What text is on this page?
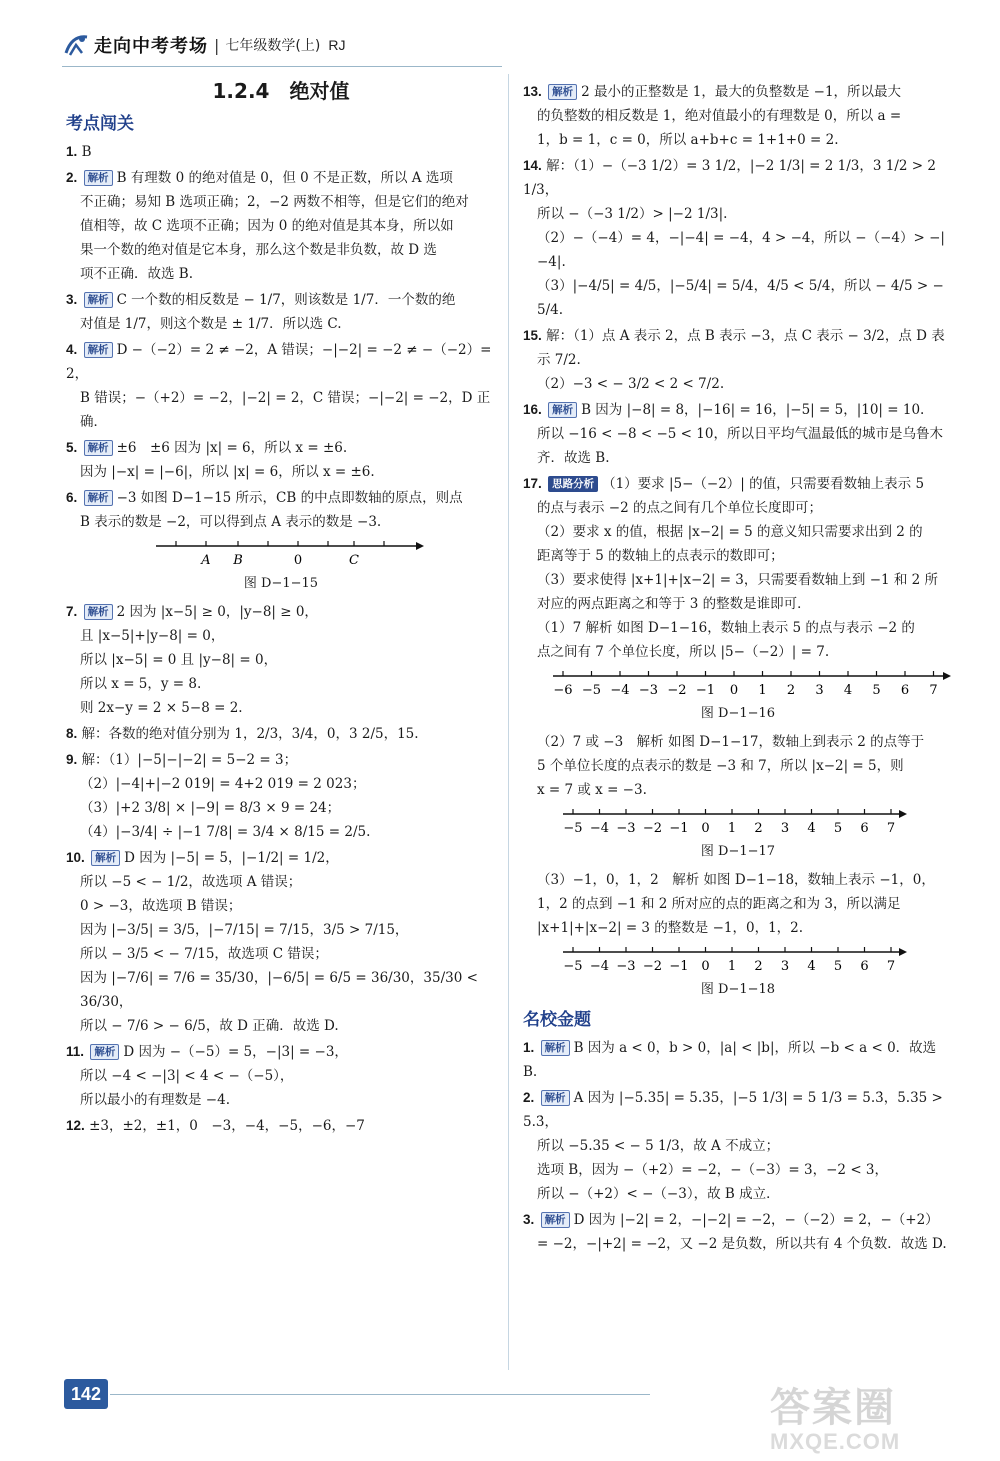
走向中考考场 | 七年级数学(上) RJ
1.2.4　绝对值
考点闯关
1. B
2. 解析 B 有理数 0 的绝对值是 0，但 0 不是正数，所以 A 选项
不正确；易知 B 选项正确；2，−2 两数不相等，但是它们的绝对
值相等，故 C 选项不正确；因为 0 的绝对值是其本身，所以如
果一个数的绝对值是它本身，那么这个数是非负数，故 D 选
项不正确．故选 B.
3. 解析 C 一个数的相反数是 − 1/7，则该数是 1/7．一个数的绝
对值是 1/7，则这个数是 ± 1/7．所以选 C.
4. 解析 D −（−2）= 2 ≠ −2，A 错误；−|−2| = −2 ≠ −（−2）= 2，
B 错误；−（+2）= −2，|−2| = 2，C 错误；−|−2| = −2，D 正确．
5. 解析 ±6　±6 因为 |x| = 6，所以 x = ±6.
因为 |−x| = |−6|，所以 |x| = 6，所以 x = ±6.
6. 解析 −3 如图 D−1−15 所示，CB 的中点即数轴的原点，则点
B 表示的数是 −2，可以得到点 A 表示的数是 −3.
A B	0	C
图 D−1−15
7. 解析 2 因为 |x−5| ≥ 0，|y−8| ≥ 0，
且 |x−5|+|y−8| = 0，
所以 |x−5| = 0 且 |y−8| = 0，
所以 x = 5，y = 8.
则 2x−y = 2 × 5−8 = 2.
8. 解：各数的绝对值分别为 1，2/3，3/4，0，3 2/5，15.
9. 解：（1）|−5|−|−2| = 5−2 = 3；
（2）|−4|+|−2 019| = 4+2 019 = 2 023；
（3）|+2 3/8| × |−9| = 8/3 × 9 = 24；
（4）|−3/4| ÷ |−1 7/8| = 3/4 × 8/15 = 2/5.
10. 解析 D 因为 |−5| = 5，|−1/2| = 1/2，
所以 −5 < − 1/2，故选项 A 错误；
0 > −3，故选项 B 错误；
因为 |−3/5| = 3/5，|−7/15| = 7/15，3/5 > 7/15，
所以 − 3/5 < − 7/15，故选项 C 错误；
因为 |−7/6| = 7/6 = 35/30，|−6/5| = 6/5 = 36/30，35/30 < 36/30，
所以 − 7/6 > − 6/5，故 D 正确．故选 D.
11. 解析 D 因为 −（−5）= 5，−|3| = −3，
所以 −4 < −|3| < 4 < −（−5），
所以最小的有理数是 −4.
12. ±3，±2，±1，0　−3，−4，−5，−6，−7
13. 解析 2 最小的正整数是 1，最大的负整数是 −1，所以最大
的负整数的相反数是 1，绝对值最小的有理数是 0，所以 a =
1，b = 1，c = 0，所以 a+b+c = 1+1+0 = 2.
14. 解：（1）−（−3 1/2）= 3 1/2，|−2 1/3| = 2 1/3，3 1/2 > 2 1/3，
所以 −（−3 1/2）> |−2 1/3|.
（2）−（−4）= 4，−|−4| = −4，4 > −4，所以 −（−4）> −|−4|.
（3）|−4/5| = 4/5，|−5/4| = 5/4，4/5 < 5/4，所以 − 4/5 > − 5/4.
15. 解：（1）点 A 表示 2，点 B 表示 −3，点 C 表示 − 3/2，点 D 表
示 7/2.
（2）−3 < − 3/2 < 2 < 7/2.
16. 解析 B 因为 |−8| = 8，|−16| = 16，|−5| = 5，|10| = 10.
所以 −16 < −8 < −5 < 10，所以日平均气温最低的城市是乌鲁木
齐．故选 B.
17. 思路分析 （1）要求 |5−（−2）| 的值，只需要看数轴上表示 5
的点与表示 −2 的点之间有几个单位长度即可；
（2）要求 x 的值，根据 |x−2| = 5 的意义知只需要求出到 2 的
距离等于 5 的数轴上的点表示的数即可；
（3）要求使得 |x+1|+|x−2| = 3，只需要看数轴上到 −1 和 2 所
对应的两点距离之和等于 3 的整数是谁即可．
（1）7 解析 如图 D−1−16，数轴上表示 5 的点与表示 −2 的
点之间有 7 个单位长度，所以 |5−（−2）| = 7.
−6 −5 −4 −3 −2 −1 0 1 2 3 4 5 6 7
图 D−1−16
（2）7 或 −3　解析 如图 D−1−17，数轴上到表示 2 的点等于
5 个单位长度的点表示的数是 −3 和 7，所以 |x−2| = 5，则
x = 7 或 x = −3.
−5 −4 −3 −2 −1 0 1 2 3 4 5 6 7
图 D−1−17
（3）−1，0，1，2　解析 如图 D−1−18，数轴上表示 −1，0，
1，2 的点到 −1 和 2 所对应的点的距离之和为 3，所以满足
|x+1|+|x−2| = 3 的整数是 −1，0，1，2.
−5 −4 −3 −2 −1 0 1 2 3 4 5 6 7
图 D−1−18
名校金题
1. 解析 B 因为 a < 0，b > 0，|a| < |b|，所以 −b < a < 0．故选 B.
2. 解析 A 因为 |−5.35| = 5.35，|−5 1/3| = 5 1/3 = 5.3̇，5.35 > 5.3̇，
所以 −5.35 < − 5 1/3，故 A 不成立；
选项 B，因为 −（+2）= −2，−（−3）= 3，−2 < 3，
所以 −（+2）< −（−3），故 B 成立．
3. 解析 D 因为 |−2| = 2，−|−2| = −2，−（−2）= 2，−（+2）
= −2，−|+2| = −2，又 −2 是负数，所以共有 4 个负数．故选 D.
142	答案圈
MXQE.COM
